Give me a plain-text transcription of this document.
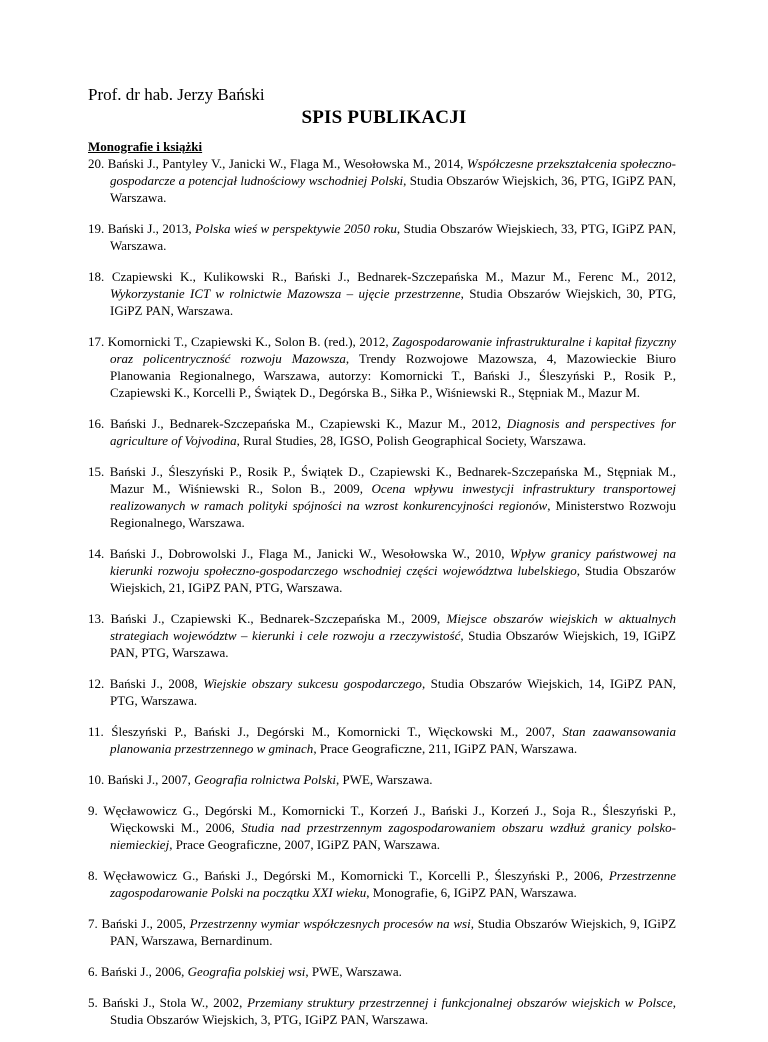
Prof. dr hab. Jerzy Bański

SPIS PUBLIKACJI
Monografie i książki
20. Bański J., Pantyley V., Janicki W., Flaga M., Wesołowska M., 2014, Współczesne przekształcenia społeczno-gospodarcze a potencjał ludnościowy wschodniej Polski, Studia Obszarów Wiejskich, 36, PTG, IGiPZ PAN, Warszawa.
19. Bański J., 2013, Polska wieś w perspektywie 2050 roku, Studia Obszarów Wiejskiech, 33, PTG, IGiPZ PAN, Warszawa.
18. Czapiewski K., Kulikowski R., Bański J., Bednarek-Szczepańska M., Mazur M., Ferenc M., 2012, Wykorzystanie ICT w rolnictwie Mazowsza – ujęcie przestrzenne, Studia Obszarów Wiejskich, 30, PTG, IGiPZ PAN, Warszawa.
17. Komornicki T., Czapiewski K., Solon B. (red.), 2012, Zagospodarowanie infrastrukturalne i kapitał fizyczny oraz policentryczność rozwoju Mazowsza, Trendy Rozwojowe Mazowsza, 4, Mazowieckie Biuro Planowania Regionalnego, Warszawa, autorzy: Komornicki T., Bański J., Śleszyński P., Rosik P., Czapiewski K., Korcelli P., Świątek D., Degórska B., Siłka P., Wiśniewski R., Stępniak M., Mazur M.
16. Bański J., Bednarek-Szczepańska M., Czapiewski K., Mazur M., 2012, Diagnosis and perspectives for agriculture of Vojvodina, Rural Studies, 28, IGSO, Polish Geographical Society, Warszawa.
15. Bański J., Śleszyński P., Rosik P., Świątek D., Czapiewski K., Bednarek-Szczepańska M., Stępniak M., Mazur M., Wiśniewski R., Solon B., 2009, Ocena wpływu inwestycji infrastruktury transportowej realizowanych w ramach polityki spójności na wzrost konkurencyjności regionów, Ministerstwo Rozwoju Regionalnego, Warszawa.
14. Bański J., Dobrowolski J., Flaga M., Janicki W., Wesołowska W., 2010, Wpływ granicy państwowej na kierunki rozwoju społeczno-gospodarczego wschodniej części województwa lubelskiego, Studia Obszarów Wiejskich, 21, IGiPZ PAN, PTG, Warszawa.
13. Bański J., Czapiewski K., Bednarek-Szczepańska M., 2009, Miejsce obszarów wiejskich w aktualnych strategiach województw – kierunki i cele rozwoju a rzeczywistość, Studia Obszarów Wiejskich, 19, IGiPZ PAN, PTG, Warszawa.
12. Bański J., 2008, Wiejskie obszary sukcesu gospodarczego, Studia Obszarów Wiejskich, 14, IGiPZ PAN, PTG, Warszawa.
11. Śleszyński P., Bański J., Degórski M., Komornicki T., Więckowski M., 2007, Stan zaawansowania planowania przestrzennego w gminach, Prace Geograficzne, 211, IGiPZ PAN, Warszawa.
10. Bański J., 2007, Geografia rolnictwa Polski, PWE, Warszawa.
9. Węcławowicz G., Degórski M., Komornicki T., Korzeń J., Bański J., Korzeń J., Soja R., Śleszyński P., Więckowski M., 2006, Studia nad przestrzennym zagospodarowaniem obszaru wzdłuż granicy polsko-niemieckiej, Prace Geograficzne, 2007, IGiPZ PAN, Warszawa.
8. Węcławowicz G., Bański J., Degórski M., Komornicki T., Korcelli P., Śleszyński P., 2006, Przestrzenne zagospodarowanie Polski na początku XXI wieku, Monografie, 6, IGiPZ PAN, Warszawa.
7. Bański J., 2005, Przestrzenny wymiar współczesnych procesów na wsi, Studia Obszarów Wiejskich, 9, IGiPZ PAN, Warszawa, Bernardinum.
6. Bański J., 2006, Geografia polskiej wsi, PWE, Warszawa.
5. Bański J., Stola W., 2002, Przemiany struktury przestrzennej i funkcjonalnej obszarów wiejskich w Polsce, Studia Obszarów Wiejskich, 3, PTG, IGiPZ PAN, Warszawa.
